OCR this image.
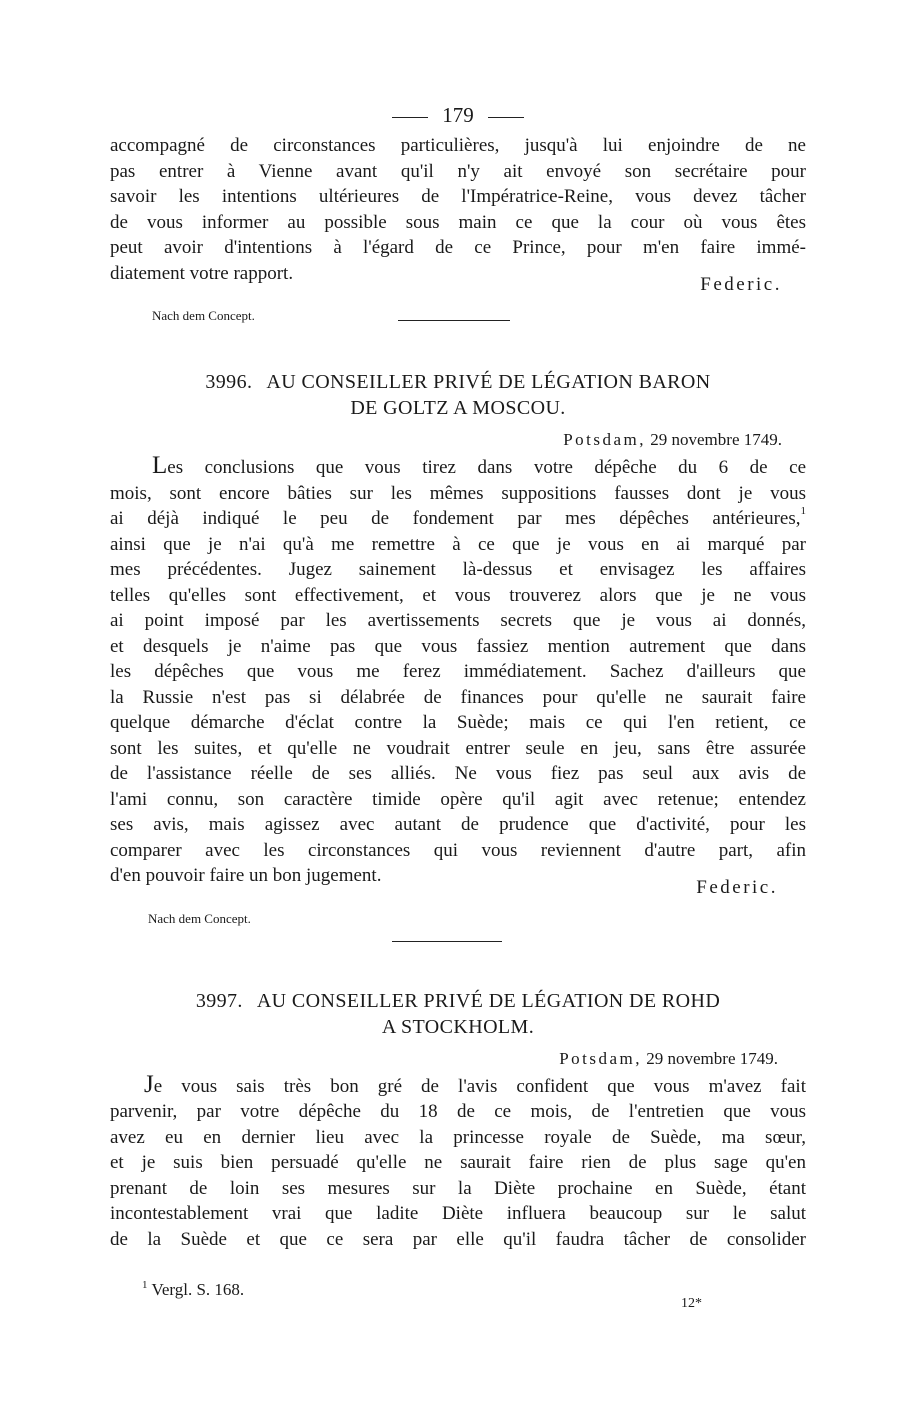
179
accompagné de circonstances particulières, jusqu'à lui enjoindre de ne
pas entrer à Vienne avant qu'il n'y ait envoyé son secrétaire pour
savoir les intentions ultérieures de l'Impératrice-Reine, vous devez tâcher
de vous informer au possible sous main ce que la cour où vous êtes
peut avoir d'intentions à l'égard de ce Prince, pour m'en faire immé-
diatement votre rapport.
Federic.
Nach dem Concept.
3996. AU CONSEILLER PRIVÉ DE LÉGATION BARON
DE GOLTZ A MOSCOU.
Potsdam, 29 novembre 1749.
Les conclusions que vous tirez dans votre dépêche du 6 de ce
mois, sont encore bâties sur les mêmes suppositions fausses dont je vous
ai déjà indiqué le peu de fondement par mes dépêches antérieures,$^1$
ainsi que je n'ai qu'à me remettre à ce que je vous en ai marqué par
mes précédentes. Jugez sainement là-dessus et envisagez les affaires
telles qu'elles sont effectivement, et vous trouverez alors que je ne vous
ai point imposé par les avertissements secrets que je vous ai donnés,
et desquels je n'aime pas que vous fassiez mention autrement que dans
les dépêches que vous me ferez immédiatement. Sachez d'ailleurs que
la Russie n'est pas si délabrée de finances pour qu'elle ne saurait faire
quelque démarche d'éclat contre la Suède; mais ce qui l'en retient, ce
sont les suites, et qu'elle ne voudrait entrer seule en jeu, sans être assurée
de l'assistance réelle de ses alliés. Ne vous fiez pas seul aux avis de
l'ami connu, son caractère timide opère qu'il agit avec retenue; entendez
ses avis, mais agissez avec autant de prudence que d'activité, pour les
comparer avec les circonstances qui vous reviennent d'autre part, afin
d'en pouvoir faire un bon jugement.
Federic.
Nach dem Concept.
3997. AU CONSEILLER PRIVÉ DE LÉGATION DE ROHD
A STOCKHOLM.
Potsdam, 29 novembre 1749.
Je vous sais très bon gré de l'avis confident que vous m'avez fait
parvenir, par votre dépêche du 18 de ce mois, de l'entretien que vous
avez eu en dernier lieu avec la princesse royale de Suède, ma sœur,
et je suis bien persuadé qu'elle ne saurait faire rien de plus sage qu'en
prenant de loin ses mesures sur la Diète prochaine en Suède, étant
incontestablement vrai que ladite Diète influera beaucoup sur le salut
de la Suède et que ce sera par elle qu'il faudra tâcher de consolider
$^1$ Vergl. S. 168.
12*
